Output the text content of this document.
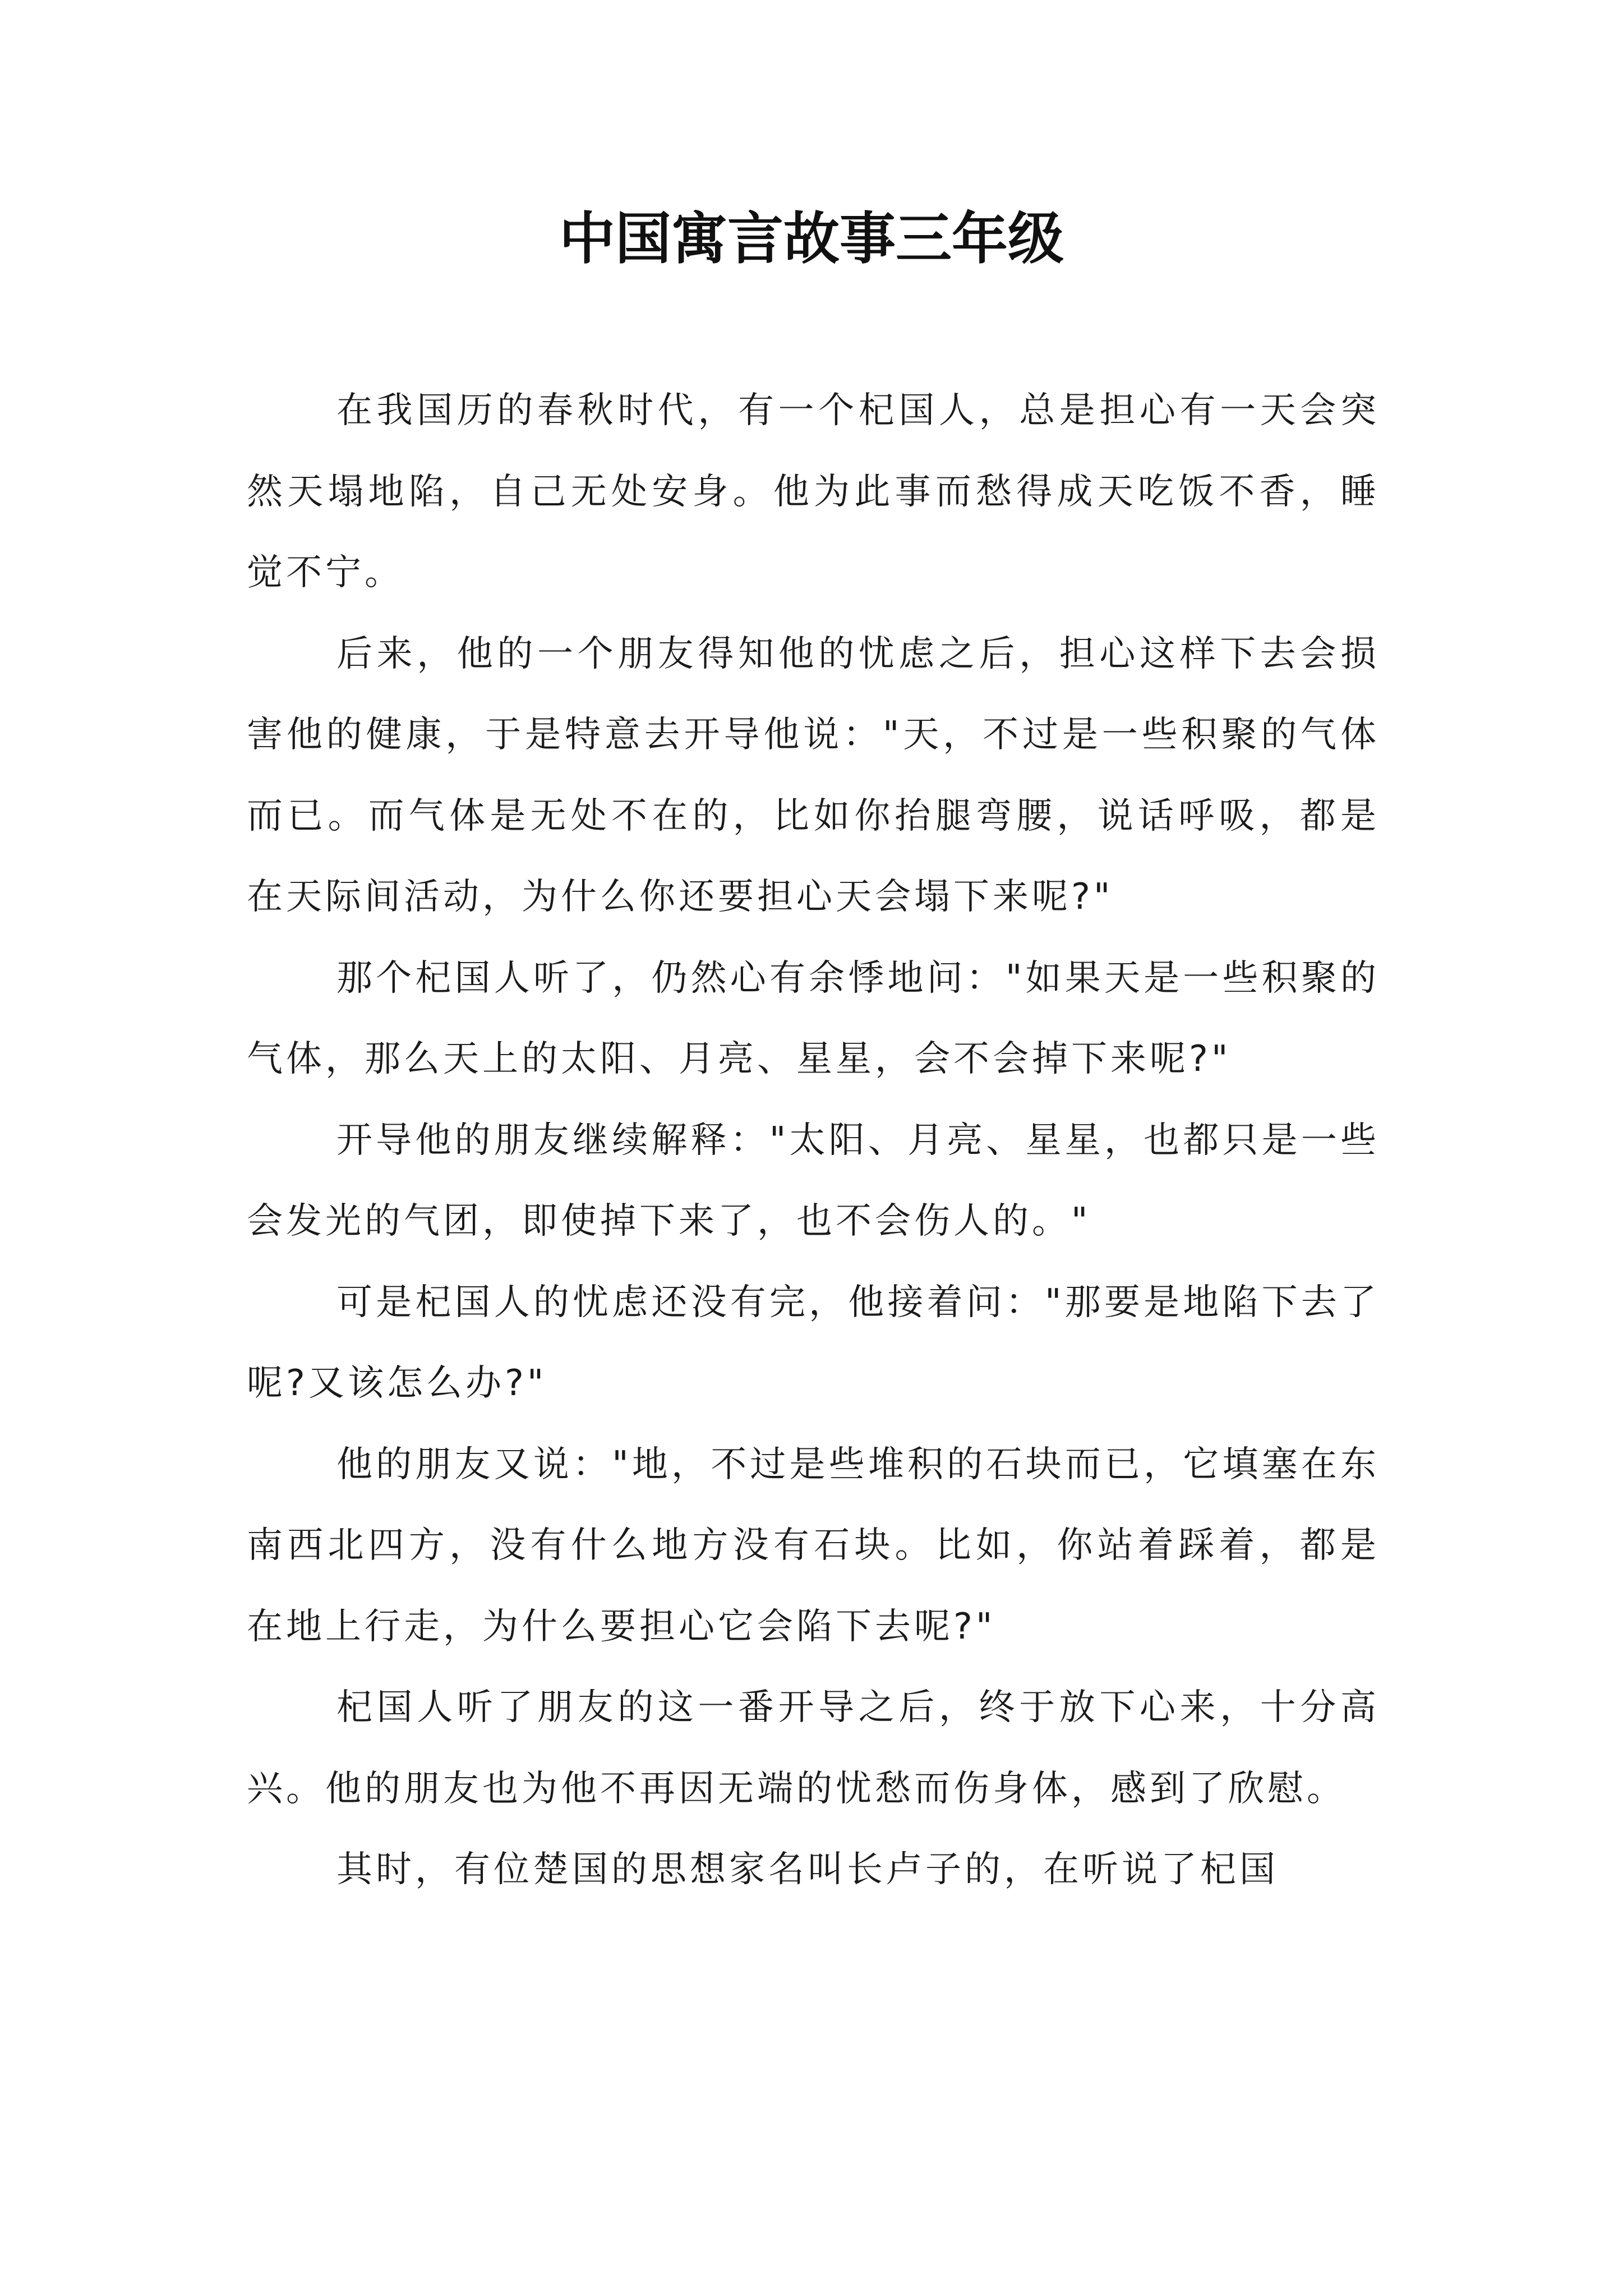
中国寓言故事三年级

在我国历的春秋时代，有一个杞国人，总是担心有一天会突然天塌地陷，自己无处安身。他为此事而愁得成天吃饭不香，睡觉不宁。

后来，他的一个朋友得知他的忧虑之后，担心这样下去会损害他的健康，于是特意去开导他说："天，不过是一些积聚的气体而已。而气体是无处不在的，比如你抬腿弯腰，说话呼吸，都是在天际间活动，为什么你还要担心天会塌下来呢?"

那个杞国人听了，仍然心有余悸地问："如果天是一些积聚的气体，那么天上的太阳、月亮、星星，会不会掉下来呢?"

开导他的朋友继续解释："太阳、月亮、星星，也都只是一些会发光的气团，即使掉下来了，也不会伤人的。"

可是杞国人的忧虑还没有完，他接着问："那要是地陷下去了呢?又该怎么办?"

他的朋友又说："地，不过是些堆积的石块而已，它填塞在东南西北四方，没有什么地方没有石块。比如，你站着踩着，都是在地上行走，为什么要担心它会陷下去呢?"

杞国人听了朋友的这一番开导之后，终于放下心来，十分高兴。他的朋友也为他不再因无端的忧愁而伤身体，感到了欣慰。

其时，有位楚国的思想家名叫长卢子的，在听说了杞国
